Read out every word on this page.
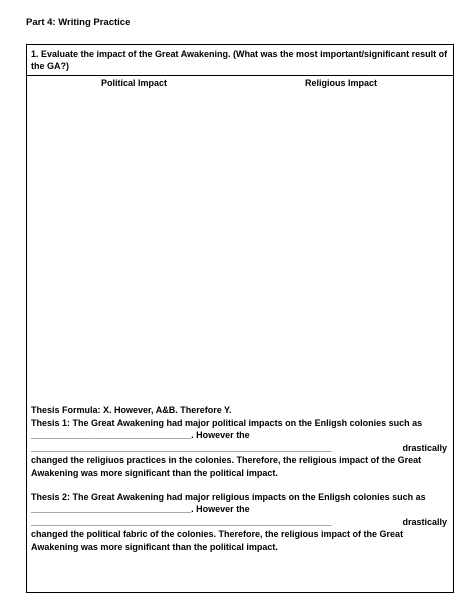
Part 4: Writing Practice
1. Evaluate the impact of the Great Awakening. (What was the most important/significant result of the GA?)
Political Impact	Religious Impact
Thesis Formula: X. However, A&B. Therefore Y.
Thesis 1: The Great Awakening had major political impacts on the Enligsh colonies such as
________________________________. However the
____________________________________________________________	drastically
changed the religiuos practices in the colonies. Therefore, the religious impact of the Great
Awakening was more significant than the political impact.
Thesis 2: The Great Awakening had major religious impacts on the Enligsh colonies such as
________________________________. However the
____________________________________________________________	drastically
changed the political fabric of the colonies. Therefore, the religious impact of the Great
Awakening was more significant than the political impact.
